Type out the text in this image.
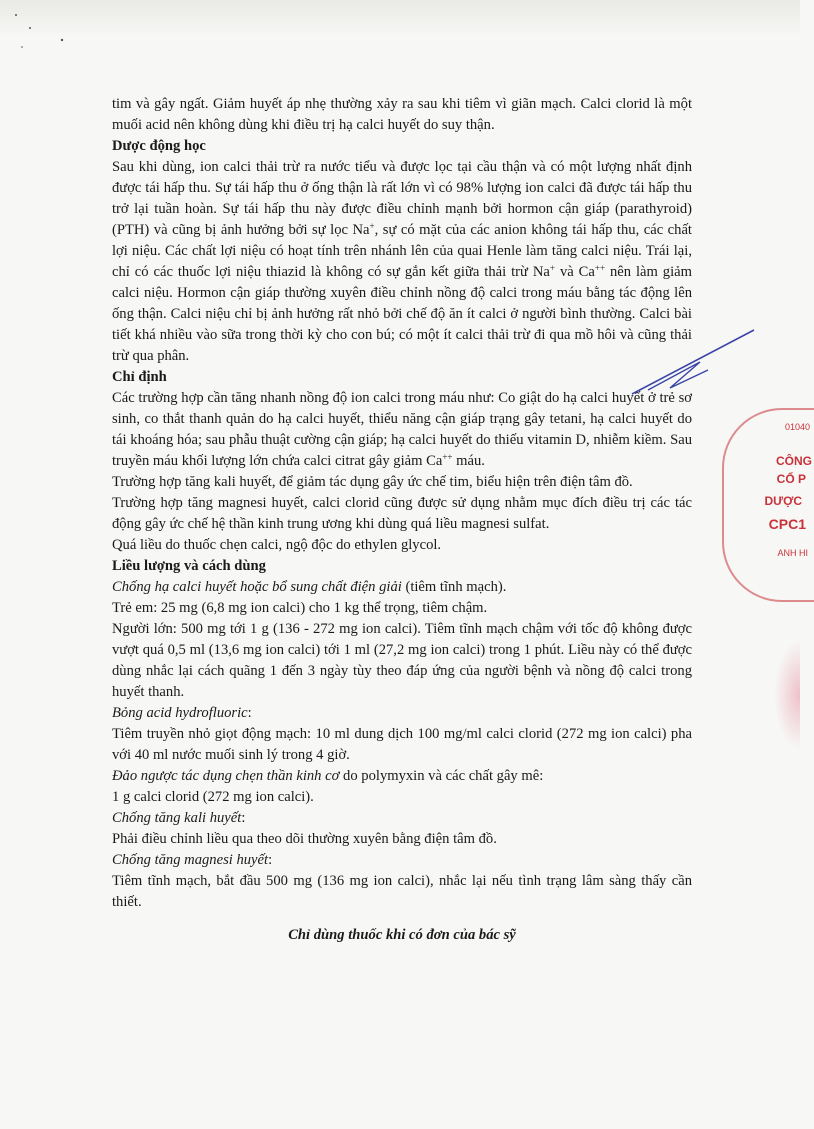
tim và gây ngất. Giảm huyết áp nhẹ thường xảy ra sau khi tiêm vì giãn mạch. Calci clorid là một muối acid nên không dùng khi điều trị hạ calci huyết do suy thận.

Dược động học

Sau khi dùng, ion calci thải trừ ra nước tiểu và được lọc tại cầu thận và có một lượng nhất định được tái hấp thu. Sự tái hấp thu ở ống thận là rất lớn vì có 98% lượng ion calci đã được tái hấp thu trở lại tuần hoàn. Sự tái hấp thu này được điều chỉnh mạnh bởi hormon cận giáp (parathyroid) (PTH) và cũng bị ảnh hưởng bởi sự lọc Na+, sự có mặt của các anion không tái hấp thu, các chất lợi niệu. Các chất lợi niệu có hoạt tính trên nhánh lên của quai Henle làm tăng calci niệu. Trái lại, chỉ có các thuốc lợi niệu thiazid là không có sự gắn kết giữa thải trừ Na+ và Ca++ nên làm giảm calci niệu. Hormon cận giáp thường xuyên điều chỉnh nồng độ calci trong máu bằng tác động lên ống thận. Calci niệu chỉ bị ảnh hưởng rất nhỏ bởi chế độ ăn ít calci ở người bình thường. Calci bài tiết khá nhiều vào sữa trong thời kỳ cho con bú; có một ít calci thải trừ đi qua mồ hôi và cũng thải trừ qua phân.

Chỉ định

Các trường hợp cần tăng nhanh nồng độ ion calci trong máu như: Co giật do hạ calci huyết ở trẻ sơ sinh, co thắt thanh quản do hạ calci huyết, thiểu năng cận giáp trạng gây tetani, hạ calci huyết do tái khoáng hóa; sau phẫu thuật cường cận giáp; hạ calci huyết do thiếu vitamin D, nhiễm kiềm. Sau truyền máu khối lượng lớn chứa calci citrat gây giảm Ca++ máu.

Trường hợp tăng kali huyết, để giảm tác dụng gây ức chế tim, biểu hiện trên điện tâm đồ.

Trường hợp tăng magnesi huyết, calci clorid cũng được sử dụng nhằm mục đích điều trị các tác động gây ức chế hệ thần kinh trung ương khi dùng quá liều magnesi sulfat.

Quá liều do thuốc chẹn calci, ngộ độc do ethylen glycol.

Liều lượng và cách dùng

Chống hạ calci huyết hoặc bổ sung chất điện giải (tiêm tĩnh mạch).

Trẻ em: 25 mg (6,8 mg ion calci) cho 1 kg thể trọng, tiêm chậm.

Người lớn: 500 mg tới 1 g (136 - 272 mg ion calci). Tiêm tĩnh mạch chậm với tốc độ không được vượt quá 0,5 ml (13,6 mg ion calci) tới 1 ml (27,2 mg ion calci) trong 1 phút. Liều này có thể được dùng nhắc lại cách quãng 1 đến 3 ngày tùy theo đáp ứng của người bệnh và nồng độ calci trong huyết thanh.

Bỏng acid hydrofluoric:

Tiêm truyền nhỏ giọt động mạch: 10 ml dung dịch 100 mg/ml calci clorid (272 mg ion calci) pha với 40 ml nước muối sinh lý trong 4 giờ.

Đảo ngược tác dụng chẹn thần kinh cơ do polymyxin và các chất gây mê:

1 g calci clorid (272 mg ion calci).

Chống tăng kali huyết:

Phải điều chỉnh liều qua theo dõi thường xuyên bằng điện tâm đồ.

Chống tăng magnesi huyết:

Tiêm tĩnh mạch, bắt đầu 500 mg (136 mg ion calci), nhắc lại nếu tình trạng lâm sàng thấy cần thiết.

Chỉ dùng thuốc khi có đơn của bác sỹ

01040
CÔNG
CỔ P
DƯỢC
CPC1
ANH HI
